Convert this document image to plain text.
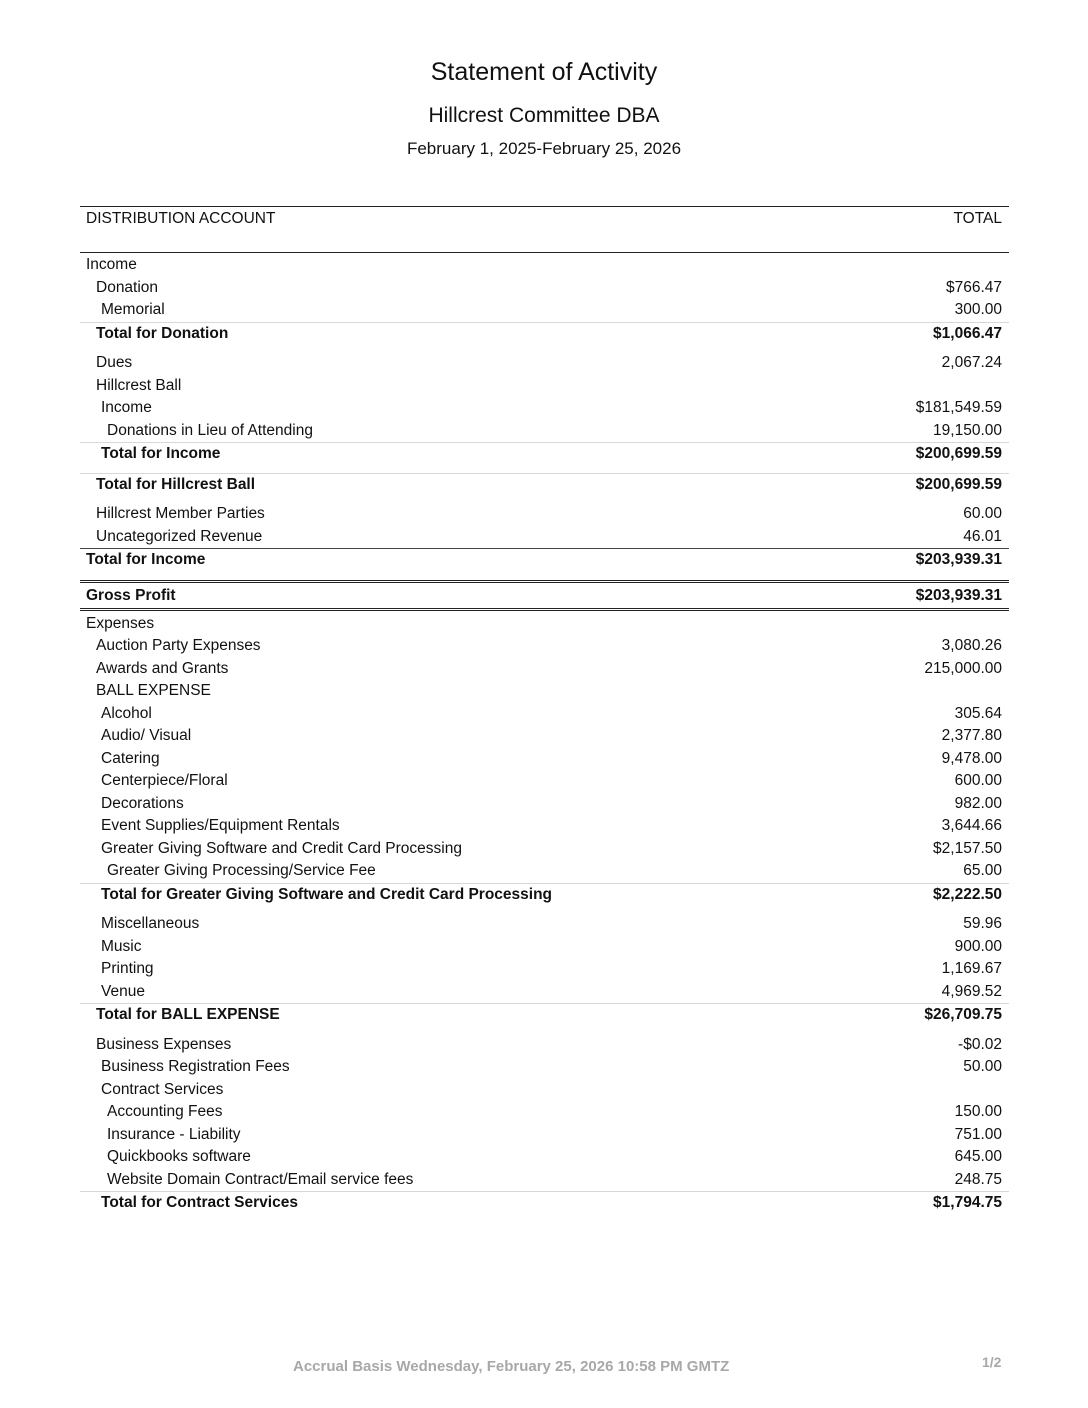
Statement of Activity
Hillcrest Committee DBA
February 1, 2025-February 25, 2026
DISTRIBUTION ACCOUNT	TOTAL
Income
Donation	$766.47
Memorial	300.00
Total for Donation	$1,066.47
Dues	2,067.24
Hillcrest Ball
Income	$181,549.59
Donations in Lieu of Attending	19,150.00
Total for Income	$200,699.59
Total for Hillcrest Ball	$200,699.59
Hillcrest Member Parties	60.00
Uncategorized Revenue	46.01
Total for Income	$203,939.31
Gross Profit	$203,939.31
Expenses
Auction Party Expenses	3,080.26
Awards and Grants	215,000.00
BALL EXPENSE
Alcohol	305.64
Audio/ Visual	2,377.80
Catering	9,478.00
Centerpiece/Floral	600.00
Decorations	982.00
Event Supplies/Equipment Rentals	3,644.66
Greater Giving Software and Credit Card Processing	$2,157.50
Greater Giving Processing/Service Fee	65.00
Total for Greater Giving Software and Credit Card Processing	$2,222.50
Miscellaneous	59.96
Music	900.00
Printing	1,169.67
Venue	4,969.52
Total for BALL EXPENSE	$26,709.75
Business Expenses	-$0.02
Business Registration Fees	50.00
Contract Services
Accounting Fees	150.00
Insurance - Liability	751.00
Quickbooks software	645.00
Website Domain Contract/Email service fees	248.75
Total for Contract Services	$1,794.75
Accrual Basis Wednesday, February 25, 2026 10:58 PM GMTZ	1/2
